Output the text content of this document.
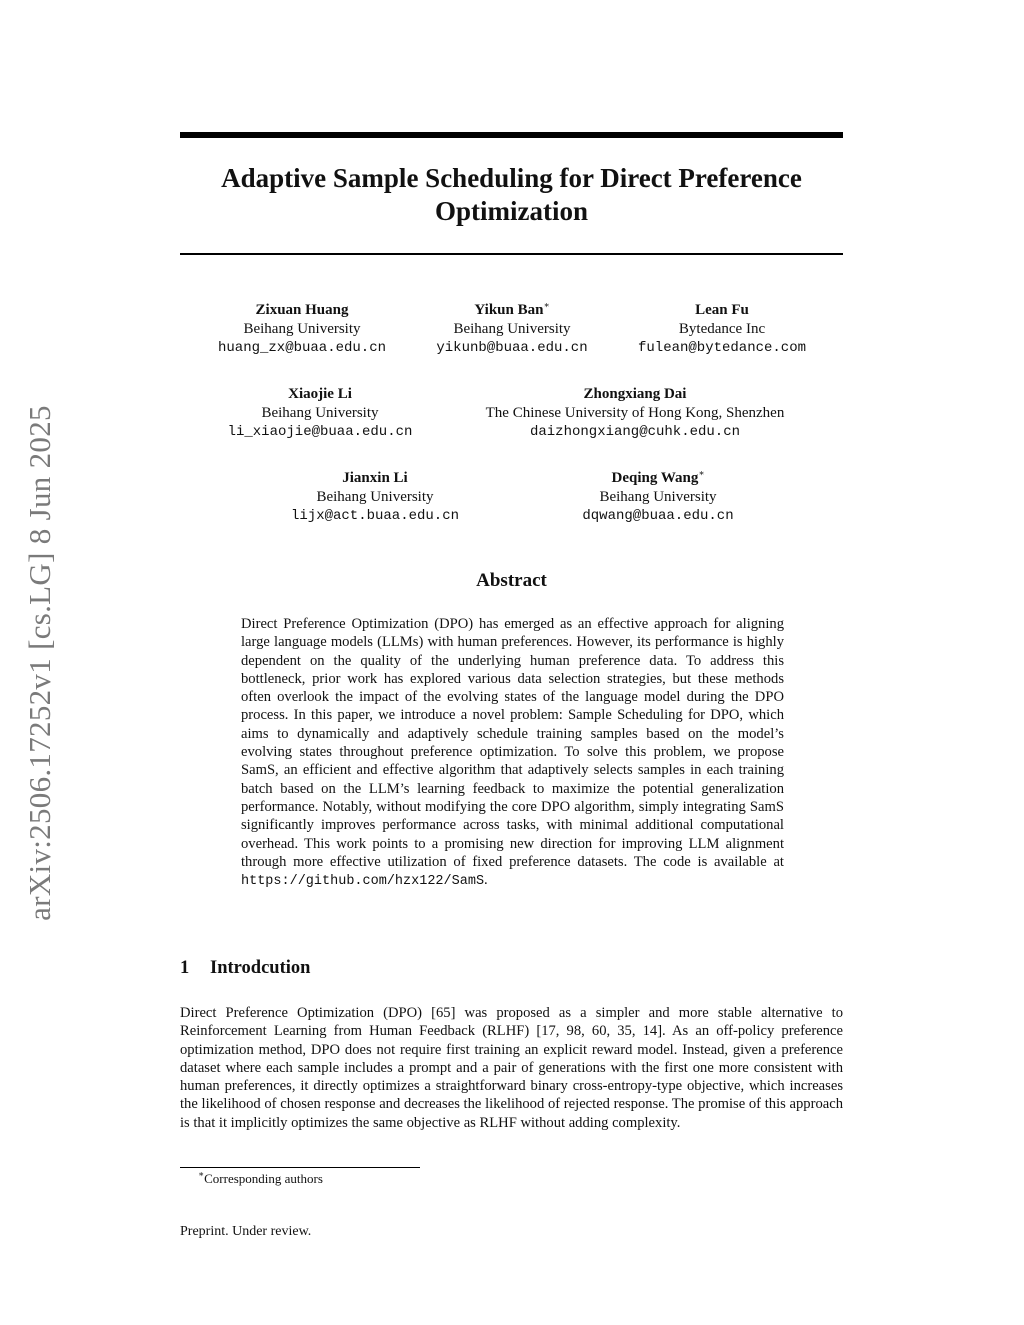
arXiv:2506.17252v1 [cs.LG] 8 Jun 2025
Adaptive Sample Scheduling for Direct Preference Optimization
Zixuan Huang
Beihang University
huang_zx@buaa.edu.cn
Yikun Ban∗
Beihang University
yikunb@buaa.edu.cn
Lean Fu
Bytedance Inc
fulean@bytedance.com
Xiaojie Li
Beihang University
li_xiaojie@buaa.edu.cn
Zhongxiang Dai
The Chinese University of Hong Kong, Shenzhen
daizhongxiang@cuhk.edu.cn
Jianxin Li
Beihang University
lijx@act.buaa.edu.cn
Deqing Wang∗
Beihang University
dqwang@buaa.edu.cn
Abstract

Direct Preference Optimization (DPO) has emerged as an effective approach for aligning large language models (LLMs) with human preferences. However, its performance is highly dependent on the quality of the underlying human preference data. To address this bottleneck, prior work has explored various data selection strategies, but these methods often overlook the impact of the evolving states of the language model during the DPO process. In this paper, we introduce a novel problem: Sample Scheduling for DPO, which aims to dynamically and adaptively schedule training samples based on the model’s evolving states throughout preference optimization. To solve this problem, we propose SamS, an efficient and effective algorithm that adaptively selects samples in each training batch based on the LLM’s learning feedback to maximize the potential generalization performance. Notably, without modifying the core DPO algorithm, simply integrating SamS significantly improves performance across tasks, with minimal additional computational overhead. This work points to a promising new direction for improving LLM alignment through more effective utilization of fixed preference datasets. The code is available at https://github.com/hzx122/SamS.

1 Introdcution

Direct Preference Optimization (DPO) [65] was proposed as a simpler and more stable alternative to Reinforcement Learning from Human Feedback (RLHF) [17, 98, 60, 35, 14]. As an off-policy preference optimization method, DPO does not require first training an explicit reward model. Instead, given a preference dataset where each sample includes a prompt and a pair of generations with the first one more consistent with human preferences, it directly optimizes a straightforward binary cross-entropy-type objective, which increases the likelihood of chosen response and decreases the likelihood of rejected response. The promise of this approach is that it implicitly optimizes the same objective as RLHF without adding complexity.

∗Corresponding authors

Preprint. Under review.
